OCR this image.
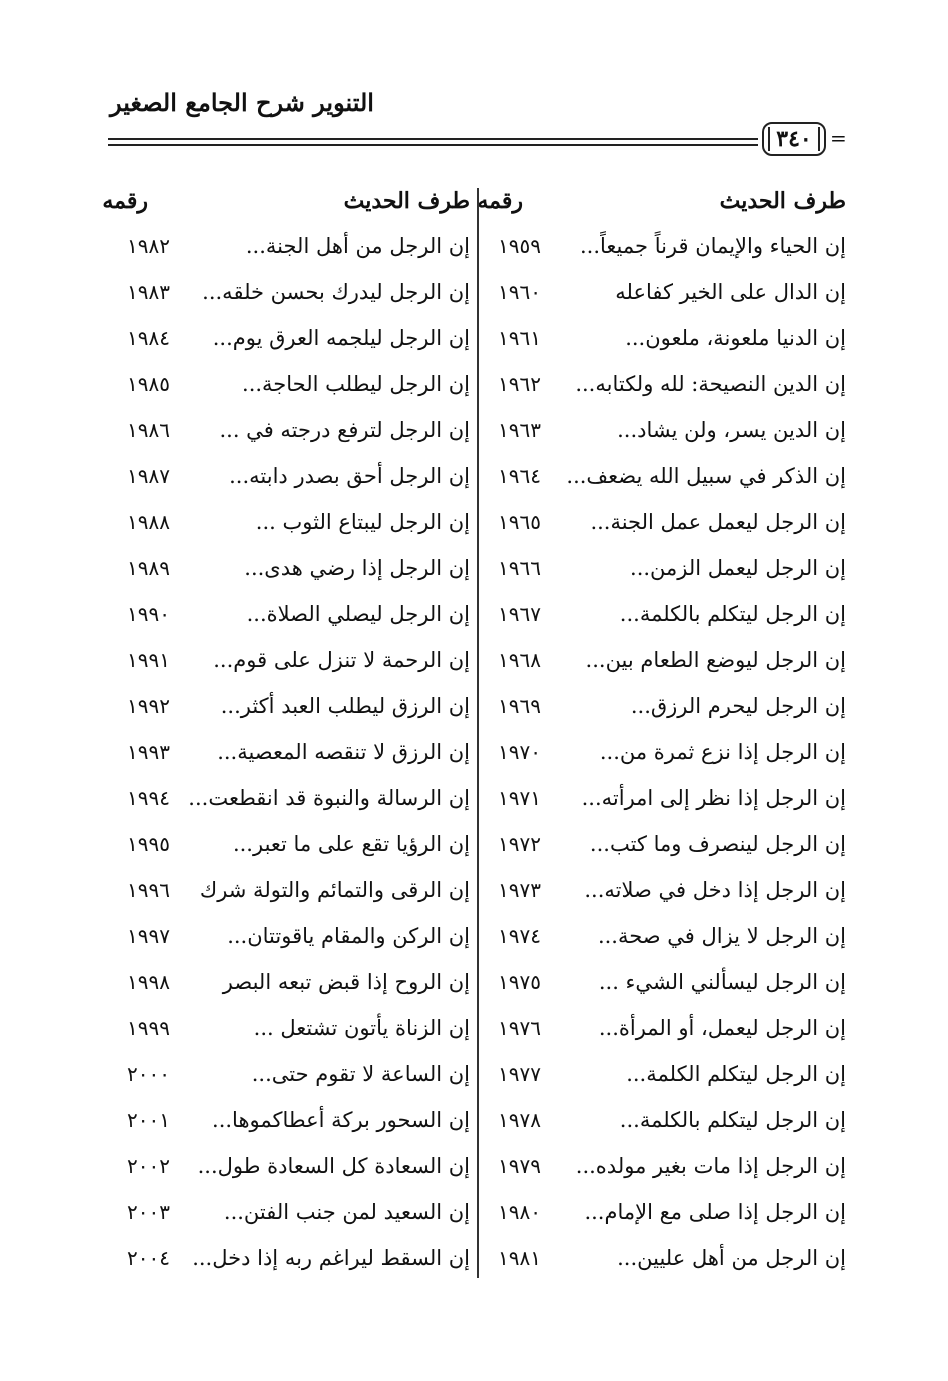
التنوير شرح الجامع الصغير
٣٤٠ =
طرف الحديث
رقمه
طرف الحديث
رقمه
إن الحياء والإيمان قرناً جميعاً...
١٩٥٩
إن الرجل من أهل الجنة...
١٩٨٢
إن الدال على الخير كفاعله
١٩٦٠
إن الرجل ليدرك بحسن خلقه...
١٩٨٣
إن الدنيا ملعونة، ملعون...
١٩٦١
إن الرجل ليلجمه العرق يوم...
١٩٨٤
إن الدين النصيحة: لله ولكتابه...
١٩٦٢
إن الرجل ليطلب الحاجة...
١٩٨٥
إن الدين يسر، ولن يشاد...
١٩٦٣
إن الرجل لترفع درجته في ...
١٩٨٦
إن الذكر في سبيل الله يضعف...
١٩٦٤
إن الرجل أحق بصدر دابته...
١٩٨٧
إن الرجل ليعمل عمل الجنة...
١٩٦٥
إن الرجل ليبتاع الثوب ...
١٩٨٨
إن الرجل ليعمل الزمن...
١٩٦٦
إن الرجل إذا رضي هدى...
١٩٨٩
إن الرجل ليتكلم بالكلمة...
١٩٦٧
إن الرجل ليصلي الصلاة...
١٩٩٠
إن الرجل ليوضع الطعام بين...
١٩٦٨
إن الرحمة لا تنزل على قوم...
١٩٩١
إن الرجل ليحرم الرزق...
١٩٦٩
إن الرزق ليطلب العبد أكثر...
١٩٩٢
إن الرجل إذا نزع ثمرة من...
١٩٧٠
إن الرزق لا تنقصه المعصية...
١٩٩٣
إن الرجل إذا نظر إلى امرأته...
١٩٧١
إن الرسالة والنبوة قد انقطعت...
١٩٩٤
إن الرجل لينصرف وما كتب...
١٩٧٢
إن الرؤيا تقع على ما تعبر...
١٩٩٥
إن الرجل إذا دخل في صلاته...
١٩٧٣
إن الرقى والتمائم والتولة شرك
١٩٩٦
إن الرجل لا يزال في صحة...
١٩٧٤
إن الركن والمقام ياقوتتان...
١٩٩٧
إن الرجل ليسألني الشيء ...
١٩٧٥
إن الروح إذا قبض تبعه البصر
١٩٩٨
إن الرجل ليعمل، أو المرأة...
١٩٧٦
إن الزناة يأتون تشتعل ...
١٩٩٩
إن الرجل ليتكلم الكلمة...
١٩٧٧
إن الساعة لا تقوم حتى...
٢٠٠٠
إن الرجل ليتكلم بالكلمة...
١٩٧٨
إن السحور بركة أعطاكموها...
٢٠٠١
إن الرجل إذا مات بغير مولده...
١٩٧٩
إن السعادة كل السعادة طول...
٢٠٠٢
إن الرجل إذا صلى مع الإمام...
١٩٨٠
إن السعيد لمن جنب الفتن...
٢٠٠٣
إن الرجل من أهل عليين...
١٩٨١
إن السقط ليراغم ربه إذا دخل...
٢٠٠٤
